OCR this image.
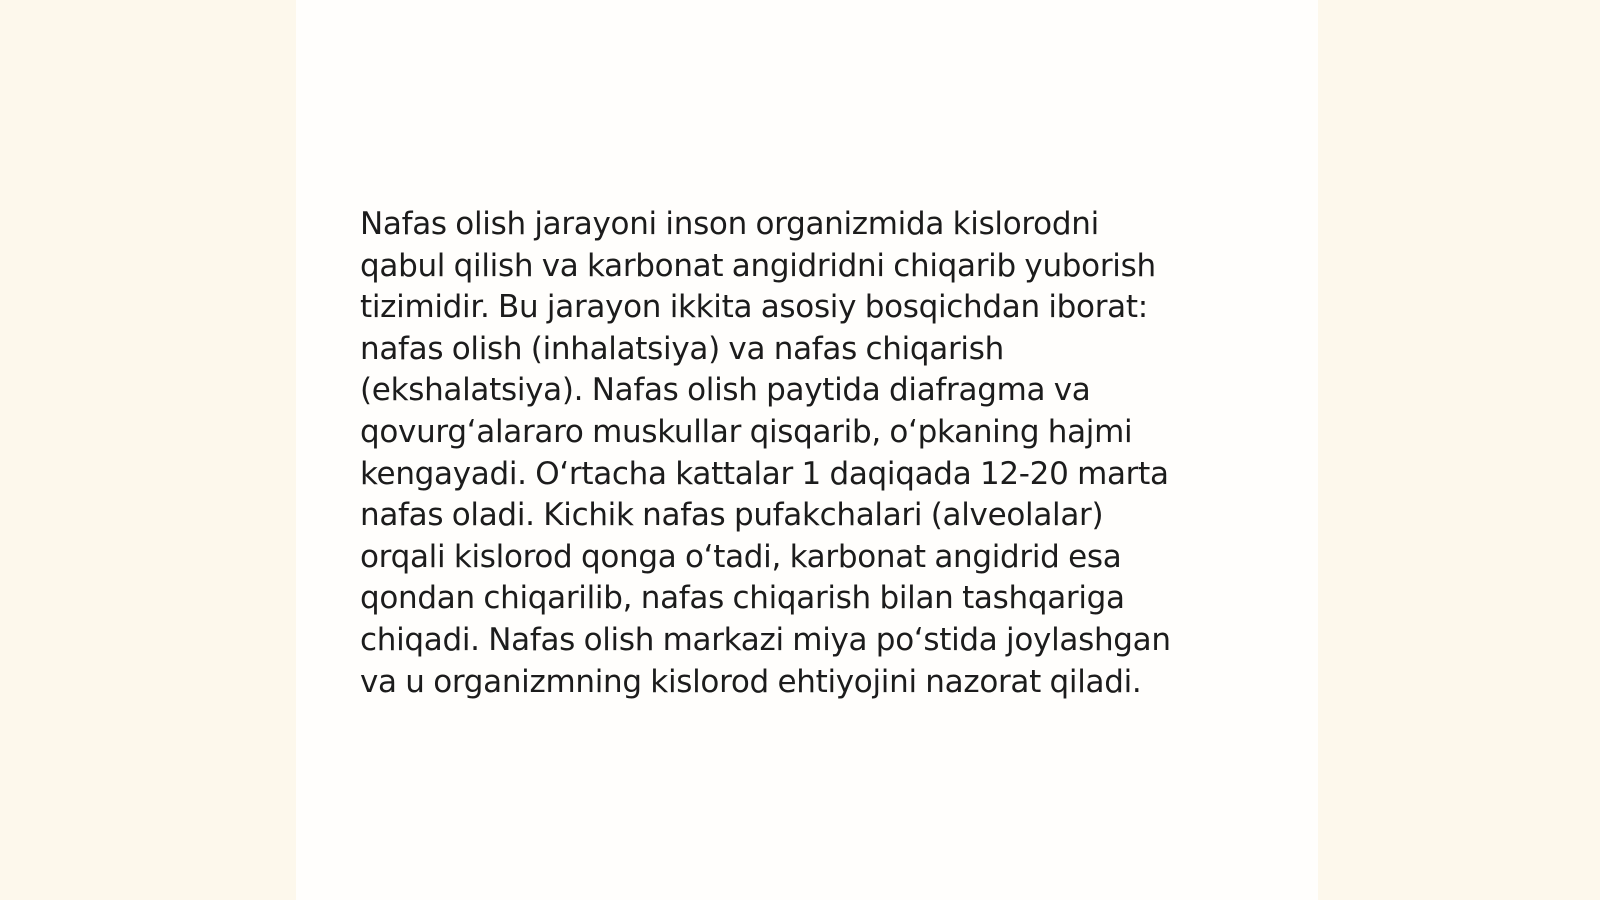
Nafas olish jarayoni inson organizmida kislorodni
qabul qilish va karbonat angidridni chiqarib yuborish
tizimidir. Bu jarayon ikkita asosiy bosqichdan iborat:
nafas olish (inhalatsiya) va nafas chiqarish
(ekshalatsiya). Nafas olish paytida diafragma va
qovurg‘alararo muskullar qisqarib, o‘pkaning hajmi
kengayadi. O‘rtacha kattalar 1 daqiqada 12-20 marta
nafas oladi. Kichik nafas pufakchalari (alveolalar)
orqali kislorod qonga o‘tadi, karbonat angidrid esa
qondan chiqarilib, nafas chiqarish bilan tashqariga
chiqadi. Nafas olish markazi miya po‘stida joylashgan
va u organizmning kislorod ehtiyojini nazorat qiladi.
